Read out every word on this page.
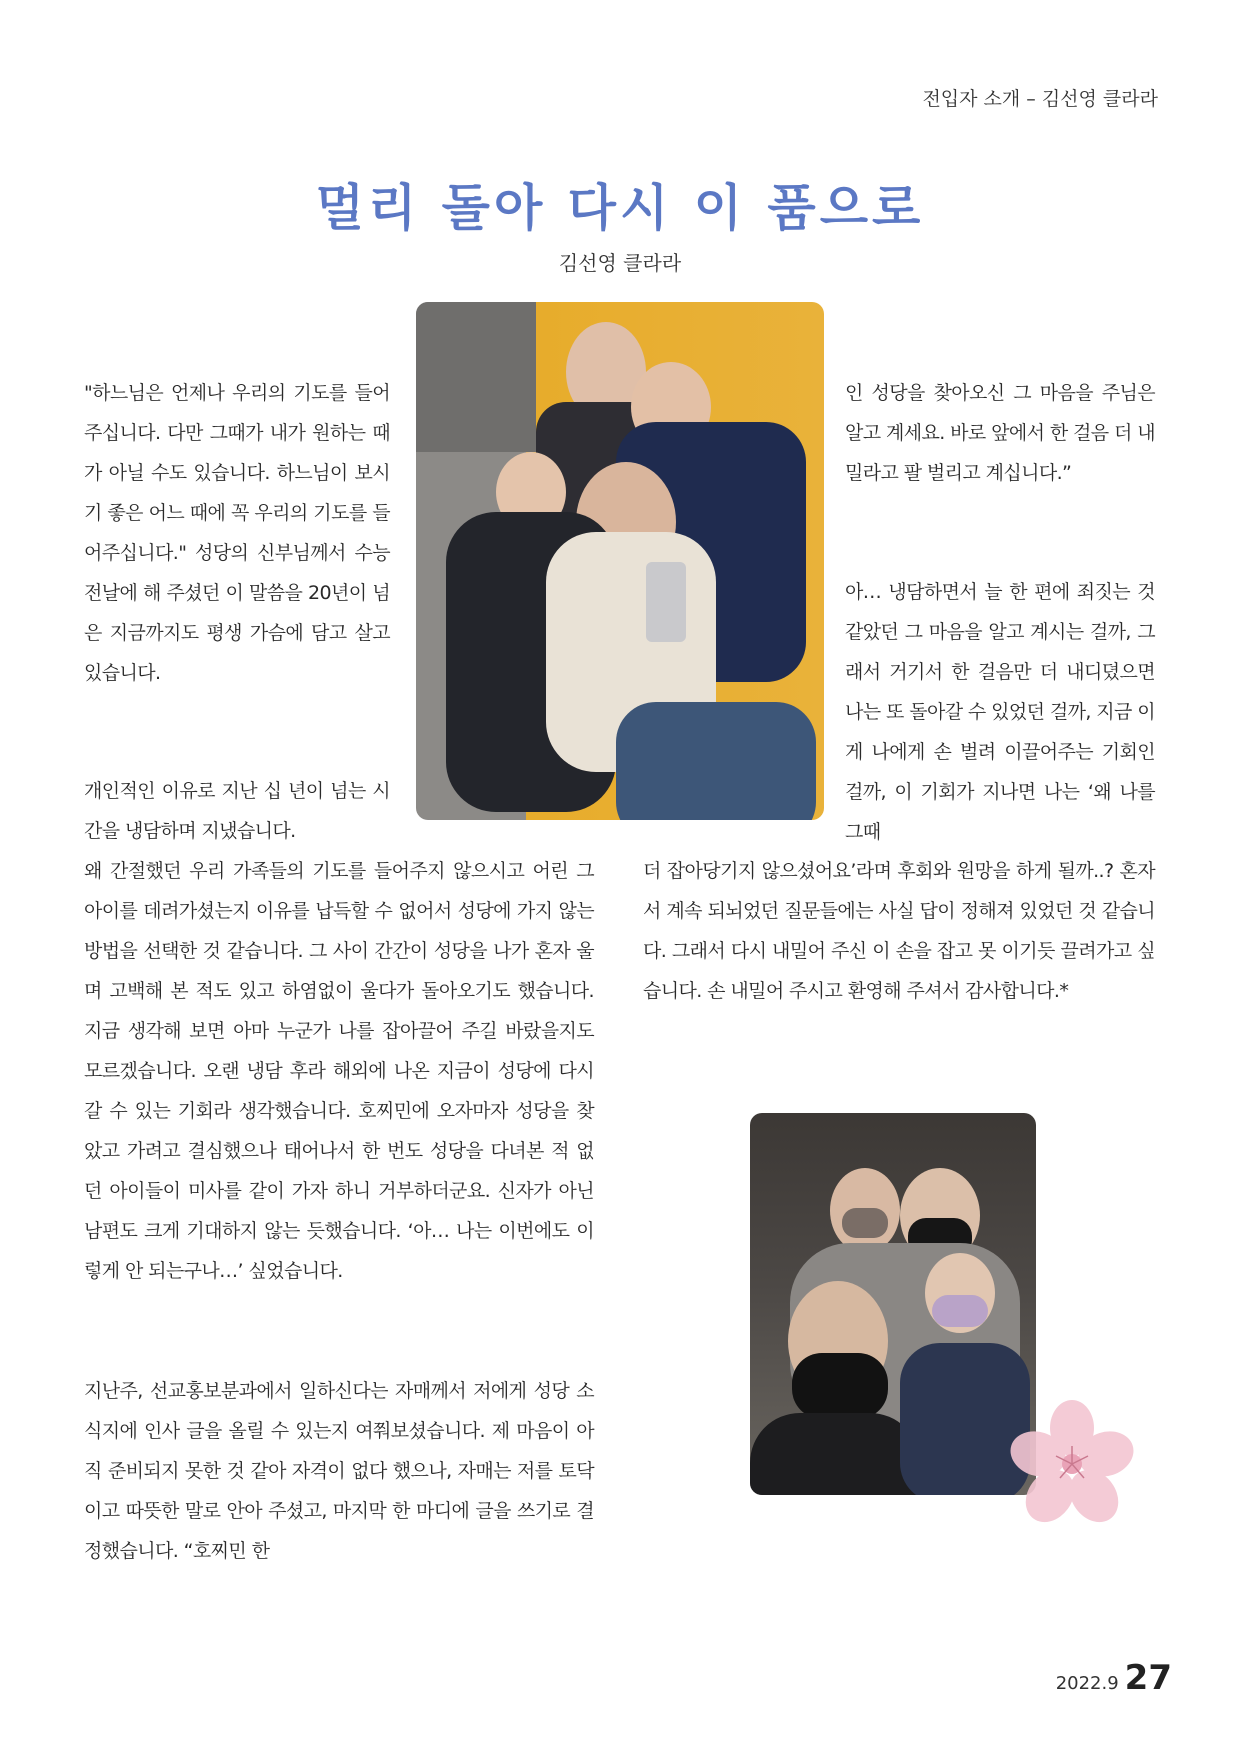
전입자 소개 – 김선영 클라라
멀리 돌아 다시 이 품으로
김선영 클라라

"하느님은 언제나 우리의 기도를 들어주십니다. 다만 그때가 내가 원하는 때가 아닐 수도 있습니다. 하느님이 보시기 좋은 어느 때에 꼭 우리의 기도를 들어주십니다." 성당의 신부님께서 수능 전날에 해 주셨던 이 말씀을 20년이 넘은 지금까지도 평생 가슴에 담고 살고 있습니다.

개인적인 이유로 지난 십 년이 넘는 시간을 냉담하며 지냈습니다.

왜 간절했던 우리 가족들의 기도를 들어주지 않으시고 어린 그 아이를 데려가셨는지 이유를 납득할 수 없어서 성당에 가지 않는 방법을 선택한 것 같습니다. 그 사이 간간이 성당을 나가 혼자 울며 고백해 본 적도 있고 하염없이 울다가 돌아오기도 했습니다. 지금 생각해 보면 아마 누군가 나를 잡아끌어 주길 바랐을지도 모르겠습니다. 오랜 냉담 후라 해외에 나온 지금이 성당에 다시 갈 수 있는 기회라 생각했습니다. 호찌민에 오자마자 성당을 찾았고 가려고 결심했으나 태어나서 한 번도 성당을 다녀본 적 없던 아이들이 미사를 같이 가자 하니 거부하더군요. 신자가 아닌 남편도 크게 기대하지 않는 듯했습니다. ‘아… 나는 이번에도 이렇게 안 되는구나…’ 싶었습니다.

지난주, 선교홍보분과에서 일하신다는 자매께서 저에게 성당 소식지에 인사 글을 올릴 수 있는지 여쭤보셨습니다. 제 마음이 아직 준비되지 못한 것 같아 자격이 없다 했으나, 자매는 저를 토닥이고 따뜻한 말로 안아 주셨고, 마지막 한 마디에 글을 쓰기로 결정했습니다. “호찌민 한

인 성당을 찾아오신 그 마음을 주님은 알고 계세요. 바로 앞에서 한 걸음 더 내밀라고 팔 벌리고 계십니다.”

아… 냉담하면서 늘 한 편에 죄짓는 것 같았던 그 마음을 알고 계시는 걸까, 그래서 거기서 한 걸음만 더 내디뎠으면 나는 또 돌아갈 수 있었던 걸까, 지금 이게 나에게 손 벌려 이끌어주는 기회인 걸까, 이 기회가 지나면 나는 ‘왜 나를 그때

더 잡아당기지 않으셨어요’라며 후회와 원망을 하게 될까..? 혼자서 계속 되뇌었던 질문들에는 사실 답이 정해져 있었던 것 같습니다. 그래서 다시 내밀어 주신 이 손을 잡고 못 이기듯 끌려가고 싶습니다. 손 내밀어 주시고 환영해 주셔서 감사합니다.*

2022.9 27
